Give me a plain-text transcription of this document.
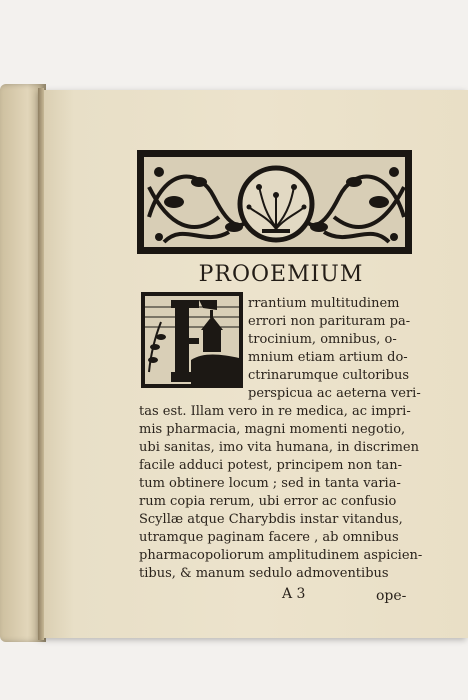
PROOEMIUM
rrantium multitudinem
errori non parituram pa-
trocinium, omnibus, o-
mnium etiam artium do-
ctrinarumque cultoribus
perspicua ac aeterna veri-
tas est. Illam vero in re medica, ac impri-
mis pharmacia, magni momenti negotio,
ubi sanitas, imo vita humana, in discrimen
facile adduci potest, principem non tan-
tum obtinere locum ; sed in tanta varia-
rum copia rerum, ubi error ac confusio
Scyllæ atque Charybdis instar vitandus,
utramque paginam facere , ab omnibus
pharmacopoliorum amplitudinem aspicien-
tibus, & manum sedulo admoventibus
A 3	ope-
